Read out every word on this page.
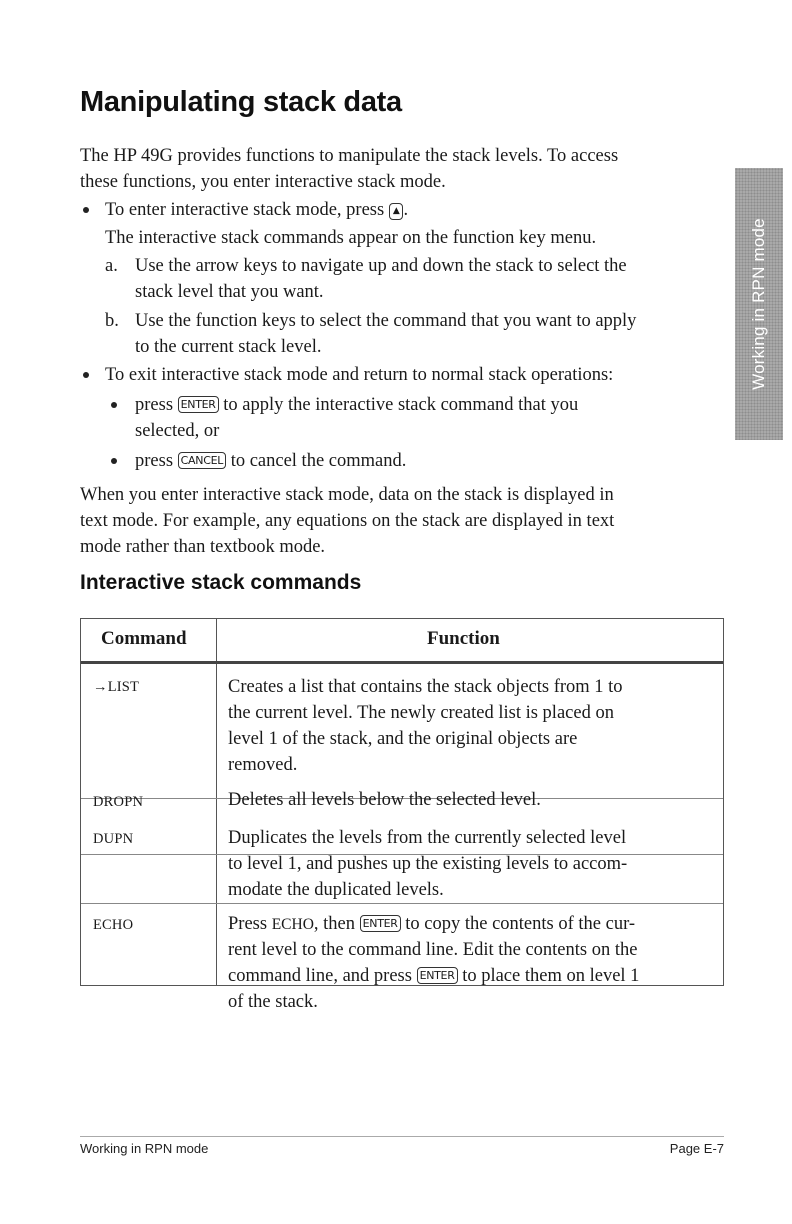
Manipulating stack data
The HP 49G provides functions to manipulate the stack levels. To access
these functions, you enter interactive stack mode.
To enter interactive stack mode, press ▲ .
The interactive stack commands appear on the function key menu.
a. Use the arrow keys to navigate up and down the stack to select the
stack level that you want.
b. Use the function keys to select the command that you want to apply
to the current stack level.
To exit interactive stack mode and return to normal stack operations:
press ENTER to apply the interactive stack command that you
selected, or
press CANCEL to cancel the command.
When you enter interactive stack mode, data on the stack is displayed in
text mode. For example, any equations on the stack are displayed in text
mode rather than textbook mode.
Interactive stack commands
Working in RPN mode
Command	Function
→LIST	Creates a list that contains the stack objects from 1 to
the current level. The newly created list is placed on
level 1 of the stack, and the original objects are
removed.
DROPN	Deletes all levels below the selected level.
DUPN	Duplicates the levels from the currently selected level
to level 1, and pushes up the existing levels to accom-
modate the duplicated levels.
ECHO	Press ECHO, then ENTER to copy the contents of the cur-
rent level to the command line. Edit the contents on the
command line, and press ENTER to place them on level 1
of the stack.
Working in RPN mode	Page E-7
